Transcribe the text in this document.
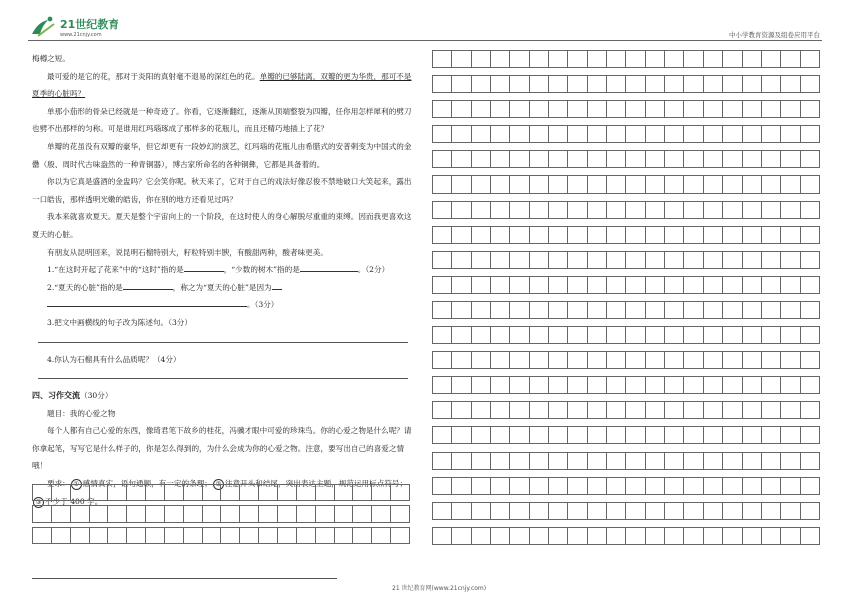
21世纪教育
www.21cnjy.com	中小学教育资源及组卷应用平台

梅樽之短。

最可爱的是它的花，那对于炎阳的真射毫不退易的深红色的花。单瓣的已够陆离，双瓣的更为华贵，那可不是夏季的心脏吗？

单那小茄形的骨朵已经就是一种奇迹了。你看，它逐渐翻红，逐渐从顶端整裂为四瓣，任你用怎样犀利的劈刀也劈不出那样的匀称。可是谁用红玛瑙琢成了那样多的花瓶儿，而且还精巧地插上了花？

单瓣的花虽没有双瓣的豪华，但它却更有一段妙幻的演艺，红玛瑙的花瓶儿由希腊式的安普剌变为中国式的金罍（殷、周时代古味盎然的一种青铜器），博古家所命名的各种铜彝，它都是具备着的。

你以为它真是盛酒的金盅吗？它会笑你呢。秋天来了，它对于自己的戏法好像忍俊不禁地破口大笑起来，露出一口皓齿，那样透明光嫩的皓齿，你在别的地方还看见过吗？

我本来就喜欢夏天。夏天是整个宇宙向上的一个阶段，在这时使人的身心解脱尽重重的束缚。因而我更喜欢这夏天的心脏。

有朋友从昆明回来，说昆明石榴特别大，籽粒特别丰腴，有酸甜两种，酸者味更美。

1.“在这时开起了花来”中的“这时”指的是	，“少数的树木”指的是	。（2分）

2.“夏天的心脏”指的是	，称之为“夏天的心脏”是因为

。（3分）

3.把文中画横线的句子改为陈述句。（3分）

4.你认为石榴具有什么品质呢？（4分）

四、习作交流（30分）

题目：我的心爱之物

每个人都有自己心爱的东西，像琦君笔下故乡的桂花，冯骥才眼中可爱的珍珠鸟。你的心爱之物是什么呢？请你拿起笔，写写它是什么样子的，你是怎么得到的，为什么会成为你的心爱之物。注意，要写出自己的喜爱之情哦！

要求： ① 感情真实，语句通顺，有一定的条理； ② 注意开头和结尾，突出表达主题，规范运用标点符号；

③ 不少于 400 字。

21 世纪教育网(www.21cnjy.com)
